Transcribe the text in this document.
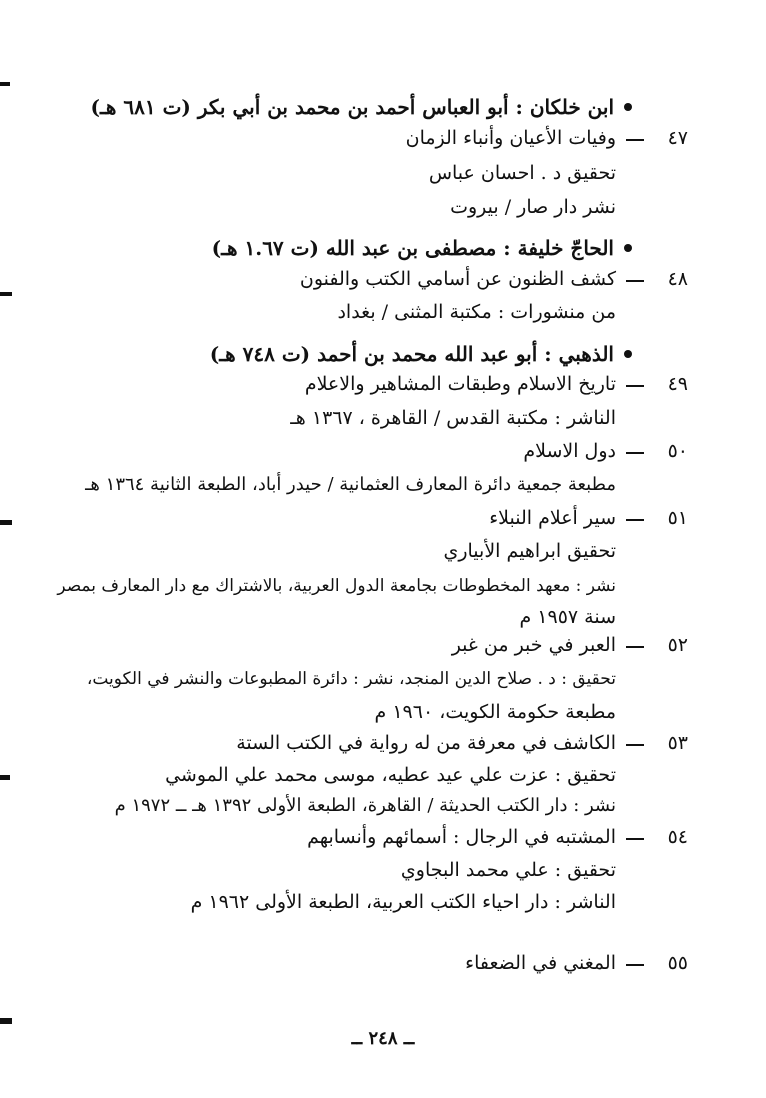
ابن خلكان : أبو العباس أحمد بن محمد بن أبي بكر (ت ٦٨١ هـ)
٤٧
وفيات الأعيان وأنباء الزمان
تحقيق د . احسان عباس
نشر دار صار / بيروت
الحاجّ خليفة : مصطفى بن عبد الله (ت ١.٦٧ هـ)
٤٨
كشف الظنون عن أسامي الكتب والفنون
من منشورات : مكتبة المثنى / بغداد
الذهبي : أبو عبد الله محمد بن أحمد (ت ٧٤٨ هـ)
٤٩
تاريخ الاسلام وطبقات المشاهير والاعلام
الناشر : مكتبة القدس / القاهرة ، ١٣٦٧ هـ
٥٠
دول الاسلام
مطبعة جمعية دائرة المعارف العثمانية / حيدر أباد، الطبعة الثانية ١٣٦٤ هـ
٥١
سير أعلام النبلاء
تحقيق ابراهيم الأبياري
نشر : معهد المخطوطات بجامعة الدول العربية، بالاشتراك مع دار المعارف بمصر
سنة ١٩٥٧ م
٥٢
العبر في خبر من غبر
تحقيق : د . صلاح الدين المنجد، نشر : دائرة المطبوعات والنشر في الكويت،
مطبعة حكومة الكويت، ١٩٦٠ م
٥٣
الكاشف في معرفة من له رواية في الكتب الستة
تحقيق : عزت علي عيد عطيه، موسى محمد علي الموشي
نشر : دار الكتب الحديثة / القاهرة، الطبعة الأولى ١٣٩٢ هـ ــ ١٩٧٢ م
٥٤
المشتبه في الرجال : أسمائهم وأنسابهم
تحقيق : علي محمد البجاوي
الناشر : دار احياء الكتب العربية، الطبعة الأولى ١٩٦٢ م
٥٥
المغني في الضعفاء
ــ ٢٤٨ ــ
